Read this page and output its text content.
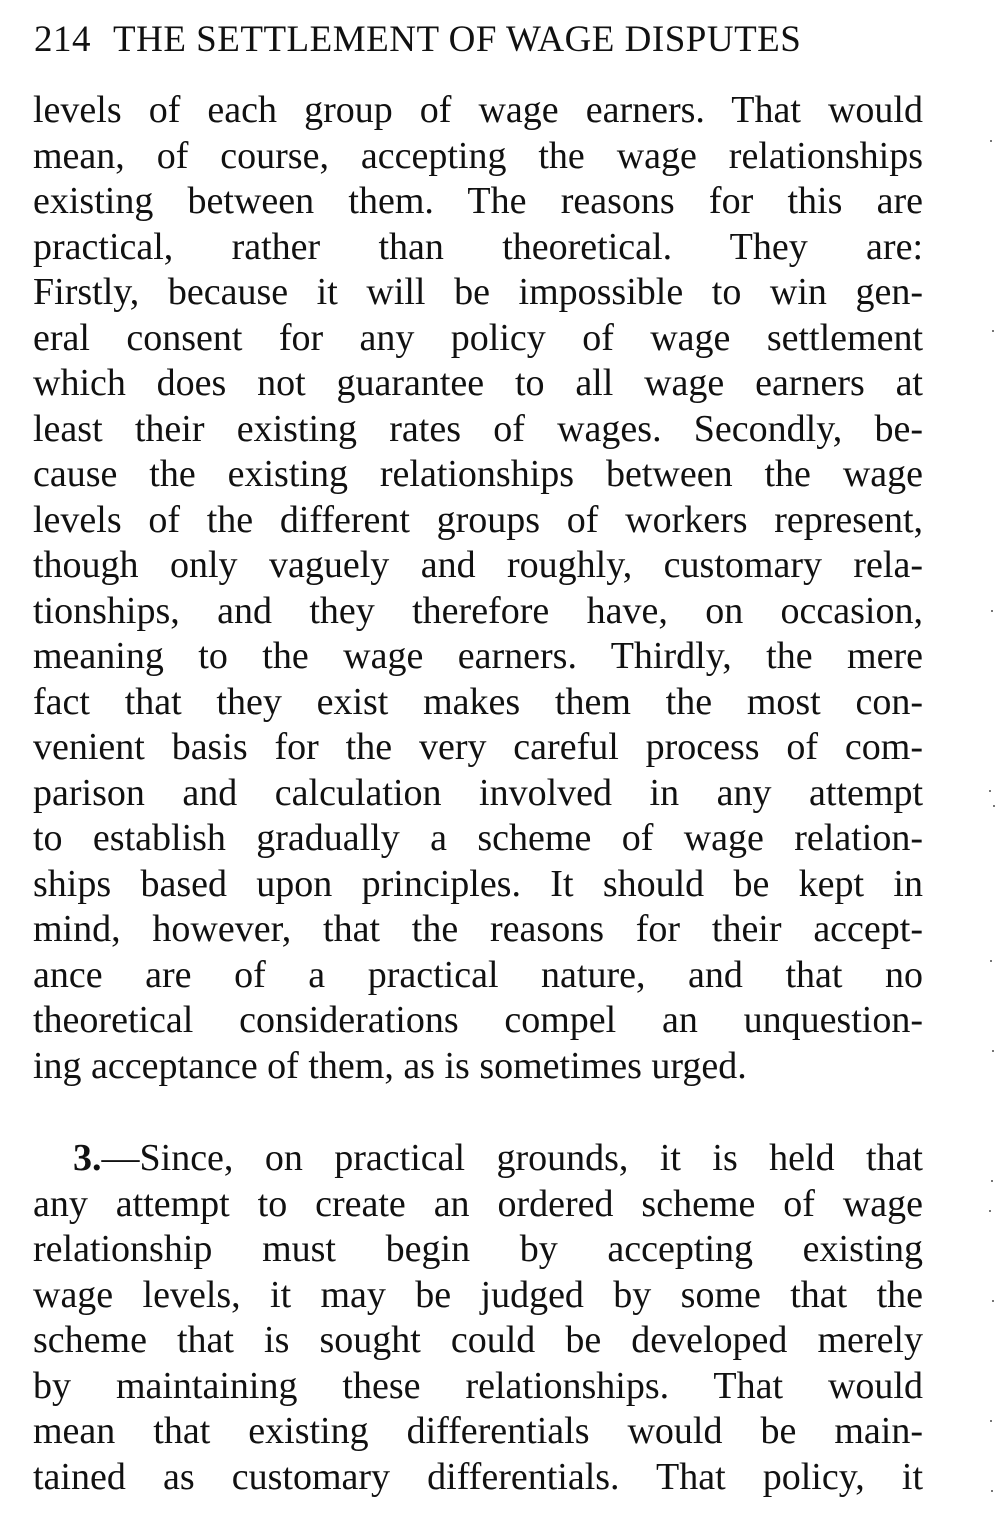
214 THE SETTLEMENT OF WAGE DISPUTES
levels of each group of wage earners. That would
mean, of course, accepting the wage relationships
existing between them. The reasons for this are
practical, rather than theoretical. They are:
Firstly, because it will be impossible to win gen-
eral consent for any policy of wage settlement
which does not guarantee to all wage earners at
least their existing rates of wages. Secondly, be-
cause the existing relationships between the wage
levels of the different groups of workers represent,
though only vaguely and roughly, customary rela-
tionships, and they therefore have, on occasion,
meaning to the wage earners. Thirdly, the mere
fact that they exist makes them the most con-
venient basis for the very careful process of com-
parison and calculation involved in any attempt
to establish gradually a scheme of wage relation-
ships based upon principles. It should be kept in
mind, however, that the reasons for their accept-
ance are of a practical nature, and that no
theoretical considerations compel an unquestion-
ing acceptance of them, as is sometimes urged.
3.—Since, on practical grounds, it is held that
any attempt to create an ordered scheme of wage
relationship must begin by accepting existing
wage levels, it may be judged by some that the
scheme that is sought could be developed merely
by maintaining these relationships. That would
mean that existing differentials would be main-
tained as customary differentials. That policy, it
